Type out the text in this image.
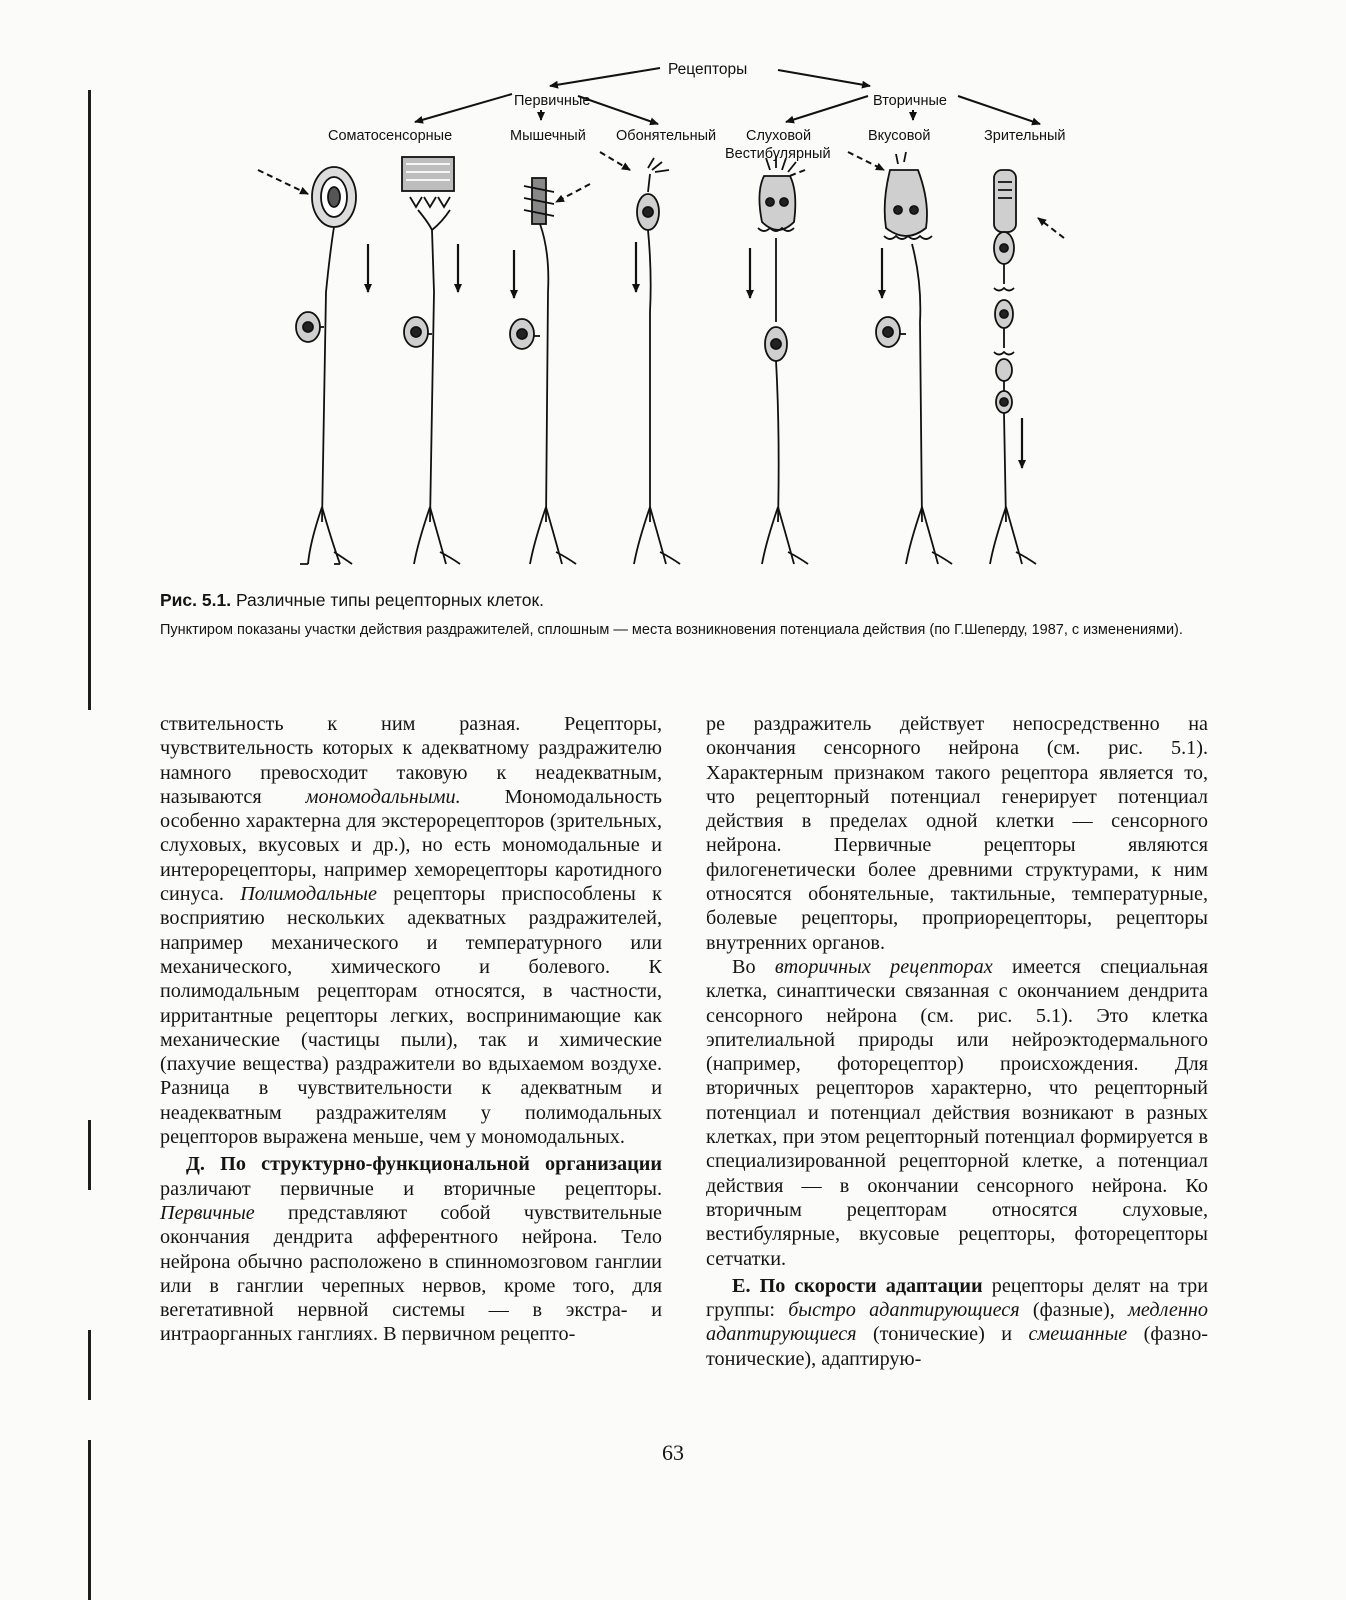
Рецепторы
Первичные	Вторичные
Соматосенсорные	Мышечный Обонятельный Слуховой
Вестибулярный
Вкусовой	Зрительный
Рис. 5.1. Различные типы рецепторных клеток.
Пунктиром показаны участки действия раздражителей, сплошным — места возникновения потенциала действия (по Г.Шеперду, 1987, с изменениями).

ствительность к ним разная. Рецепторы, чувствительность которых к адекватному раздражителю намного превосходит таковую к неадекватным, называются мономодальными. Мономодальность особенно характерна для экстерорецепторов (зрительных, слуховых, вкусовых и др.), но есть мономодальные и интерорецепторы, например хеморецепторы каротидного синуса. Полимодальные рецепторы приспособлены к восприятию нескольких адекватных раздражителей, например механического и температурного или механического, химического и болевого. К полимодальным рецепторам относятся, в частности, ирритантные рецепторы легких, воспринимающие как механические (частицы пыли), так и химические (пахучие вещества) раздражители во вдыхаемом воздухе. Разница в чувствительности к адекватным и неадекватным раздражителям у полимодальных рецепторов выражена меньше, чем у мономодальных.

Д. По структурно-функциональной организации различают первичные и вторичные рецепторы. Первичные представляют собой чувствительные окончания дендрита афферентного нейрона. Тело нейрона обычно расположено в спинномозговом ганглии или в ганглии черепных нервов, кроме того, для вегетативной нервной системы — в экстра- и интраорганных ганглиях. В первичном рецепто-

ре раздражитель действует непосредственно на окончания сенсорного нейрона (см. рис. 5.1). Характерным признаком такого рецептора является то, что рецепторный потенциал генерирует потенциал действия в пределах одной клетки — сенсорного нейрона. Первичные рецепторы являются филогенетически более древними структурами, к ним относятся обонятельные, тактильные, температурные, болевые рецепторы, проприорецепторы, рецепторы внутренних органов.

Во вторичных рецепторах имеется специальная клетка, синаптически связанная с окончанием дендрита сенсорного нейрона (см. рис. 5.1). Это клетка эпителиальной природы или нейроэктодермального (например, фоторецептор) происхождения. Для вторичных рецепторов характерно, что рецепторный потенциал и потенциал действия возникают в разных клетках, при этом рецепторный потенциал формируется в специализированной рецепторной клетке, а потенциал действия — в окончании сенсорного нейрона. Ко вторичным рецепторам относятся слуховые, вестибулярные, вкусовые рецепторы, фоторецепторы сетчатки.

Е. По скорости адаптации рецепторы делят на три группы: быстро адаптирующиеся (фазные), медленно адаптирующиеся (тонические) и смешанные (фазно-тонические), адаптирую-

63
